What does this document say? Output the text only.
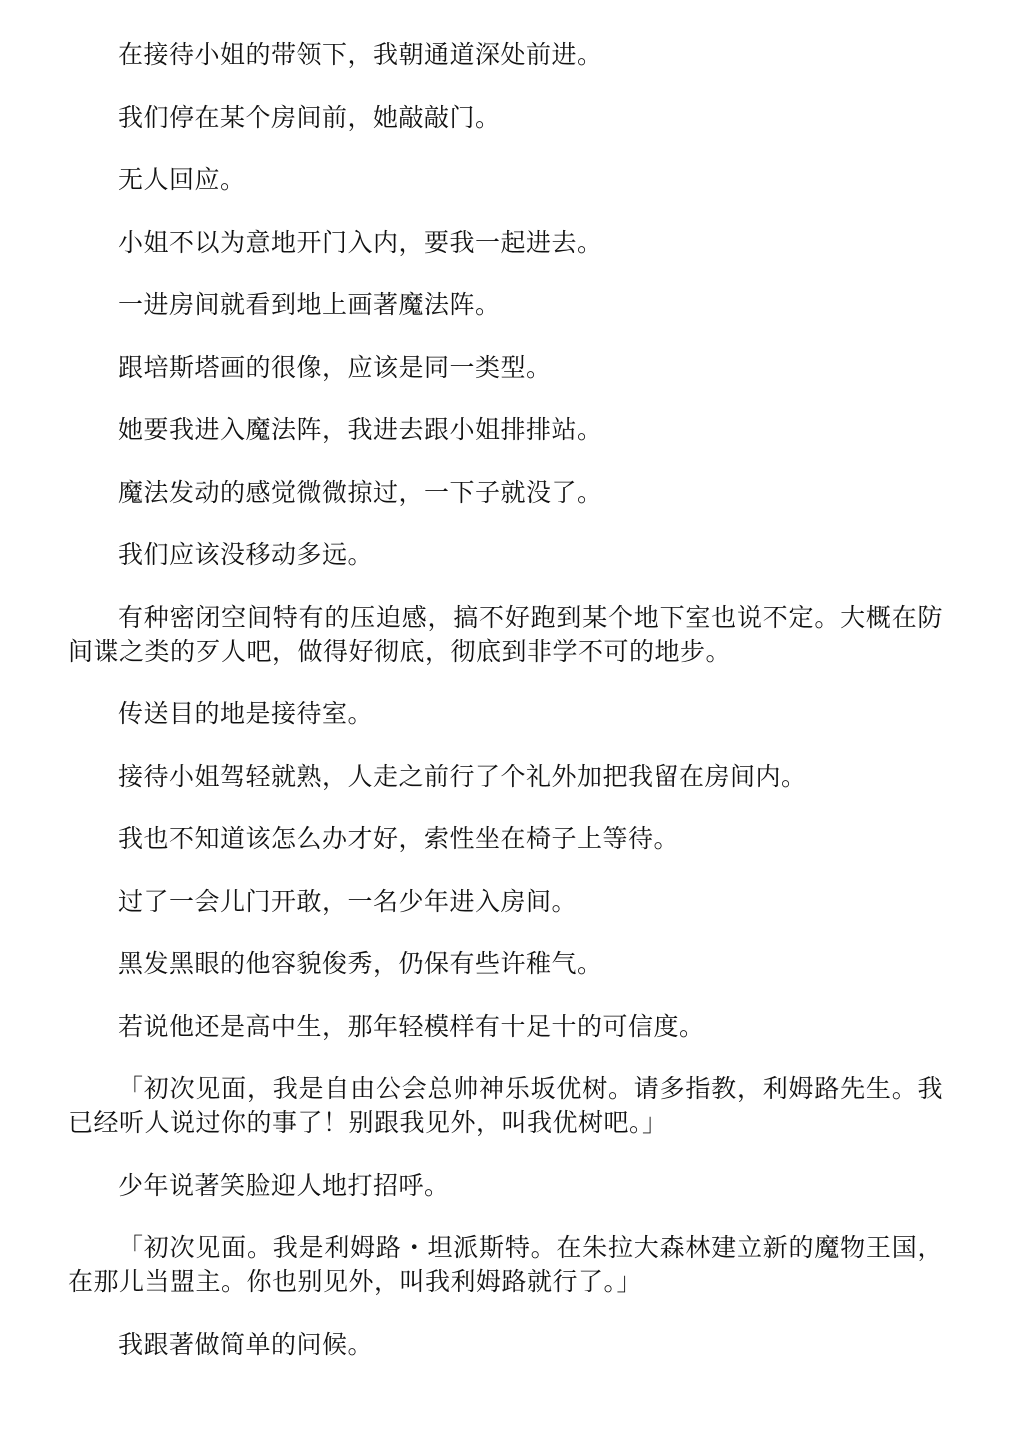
在接待小姐的带领下，我朝通道深处前进。

我们停在某个房间前，她敲敲门。

无人回应。

小姐不以为意地开门入内，要我一起进去。

一进房间就看到地上画著魔法阵。

跟培斯塔画的很像，应该是同一类型。

她要我进入魔法阵，我进去跟小姐排排站。

魔法发动的感觉微微掠过，一下子就没了。

我们应该没移动多远。

有种密闭空间特有的压迫感，搞不好跑到某个地下室也说不定。大概在防间谍之类的歹人吧，做得好彻底，彻底到非学不可的地步。

传送目的地是接待室。

接待小姐驾轻就熟，人走之前行了个礼外加把我留在房间内。

我也不知道该怎么办才好，索性坐在椅子上等待。

过了一会儿门开敢，一名少年进入房间。

黑发黑眼的他容貌俊秀，仍保有些许稚气。

若说他还是高中生，那年轻模样有十足十的可信度。

「初次见面，我是自由公会总帅神乐坂优树。请多指教，利姆路先生。我已经听人说过你的事了！别跟我见外，叫我优树吧。」

少年说著笑脸迎人地打招呼。

「初次见面。我是利姆路・坦派斯特。在朱拉大森林建立新的魔物王国，在那儿当盟主。你也别见外，叫我利姆路就行了。」

我跟著做简单的问候。
